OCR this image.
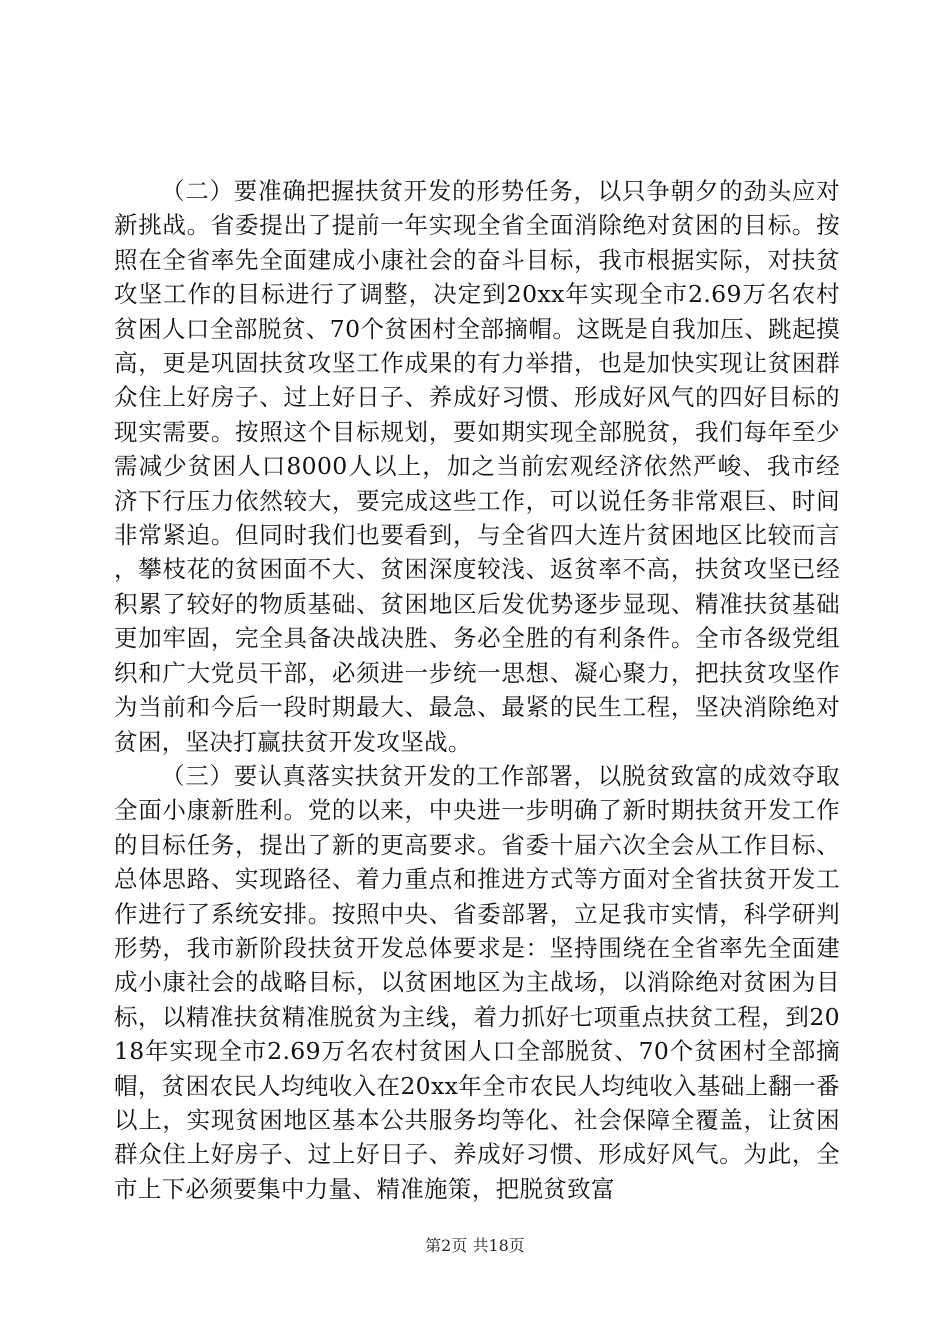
（二）要准确把握扶贫开发的形势任务，以只争朝夕的劲头应对新挑战。省委提出了提前一年实现全省全面消除绝对贫困的目标。按照在全省率先全面建成小康社会的奋斗目标，我市根据实际，对扶贫攻坚工作的目标进行了调整，决定到20xx年实现全市2.69万名农村贫困人口全部脱贫、70个贫困村全部摘帽。这既是自我加压、跳起摸高，更是巩固扶贫攻坚工作成果的有力举措，也是加快实现让贫困群众住上好房子、过上好日子、养成好习惯、形成好风气的四好目标的现实需要。按照这个目标规划，要如期实现全部脱贫，我们每年至少需减少贫困人口8000人以上，加之当前宏观经济依然严峻、我市经济下行压力依然较大，要完成这些工作，可以说任务非常艰巨、时间非常紧迫。但同时我们也要看到，与全省四大连片贫困地区比较而言，攀枝花的贫困面不大、贫困深度较浅、返贫率不高，扶贫攻坚已经积累了较好的物质基础、贫困地区后发优势逐步显现、精准扶贫基础更加牢固，完全具备决战决胜、务必全胜的有利条件。全市各级党组织和广大党员干部，必须进一步统一思想、凝心聚力，把扶贫攻坚作为当前和今后一段时期最大、最急、最紧的民生工程，坚决消除绝对贫困，坚决打赢扶贫开发攻坚战。

（三）要认真落实扶贫开发的工作部署，以脱贫致富的成效夺取全面小康新胜利。党的以来，中央进一步明确了新时期扶贫开发工作的目标任务，提出了新的更高要求。省委十届六次全会从工作目标、总体思路、实现路径、着力重点和推进方式等方面对全省扶贫开发工作进行了系统安排。按照中央、省委部署，立足我市实情，科学研判形势，我市新阶段扶贫开发总体要求是：坚持围绕在全省率先全面建成小康社会的战略目标，以贫困地区为主战场，以消除绝对贫困为目标，以精准扶贫精准脱贫为主线，着力抓好七项重点扶贫工程，到2018年实现全市2.69万名农村贫困人口全部脱贫、70个贫困村全部摘帽，贫困农民人均纯收入在20xx年全市农民人均纯收入基础上翻一番以上，实现贫困地区基本公共服务均等化、社会保障全覆盖，让贫困群众住上好房子、过上好日子、养成好习惯、形成好风气。为此，全市上下必须要集中力量、精准施策，把脱贫致富

第2页 共18页
